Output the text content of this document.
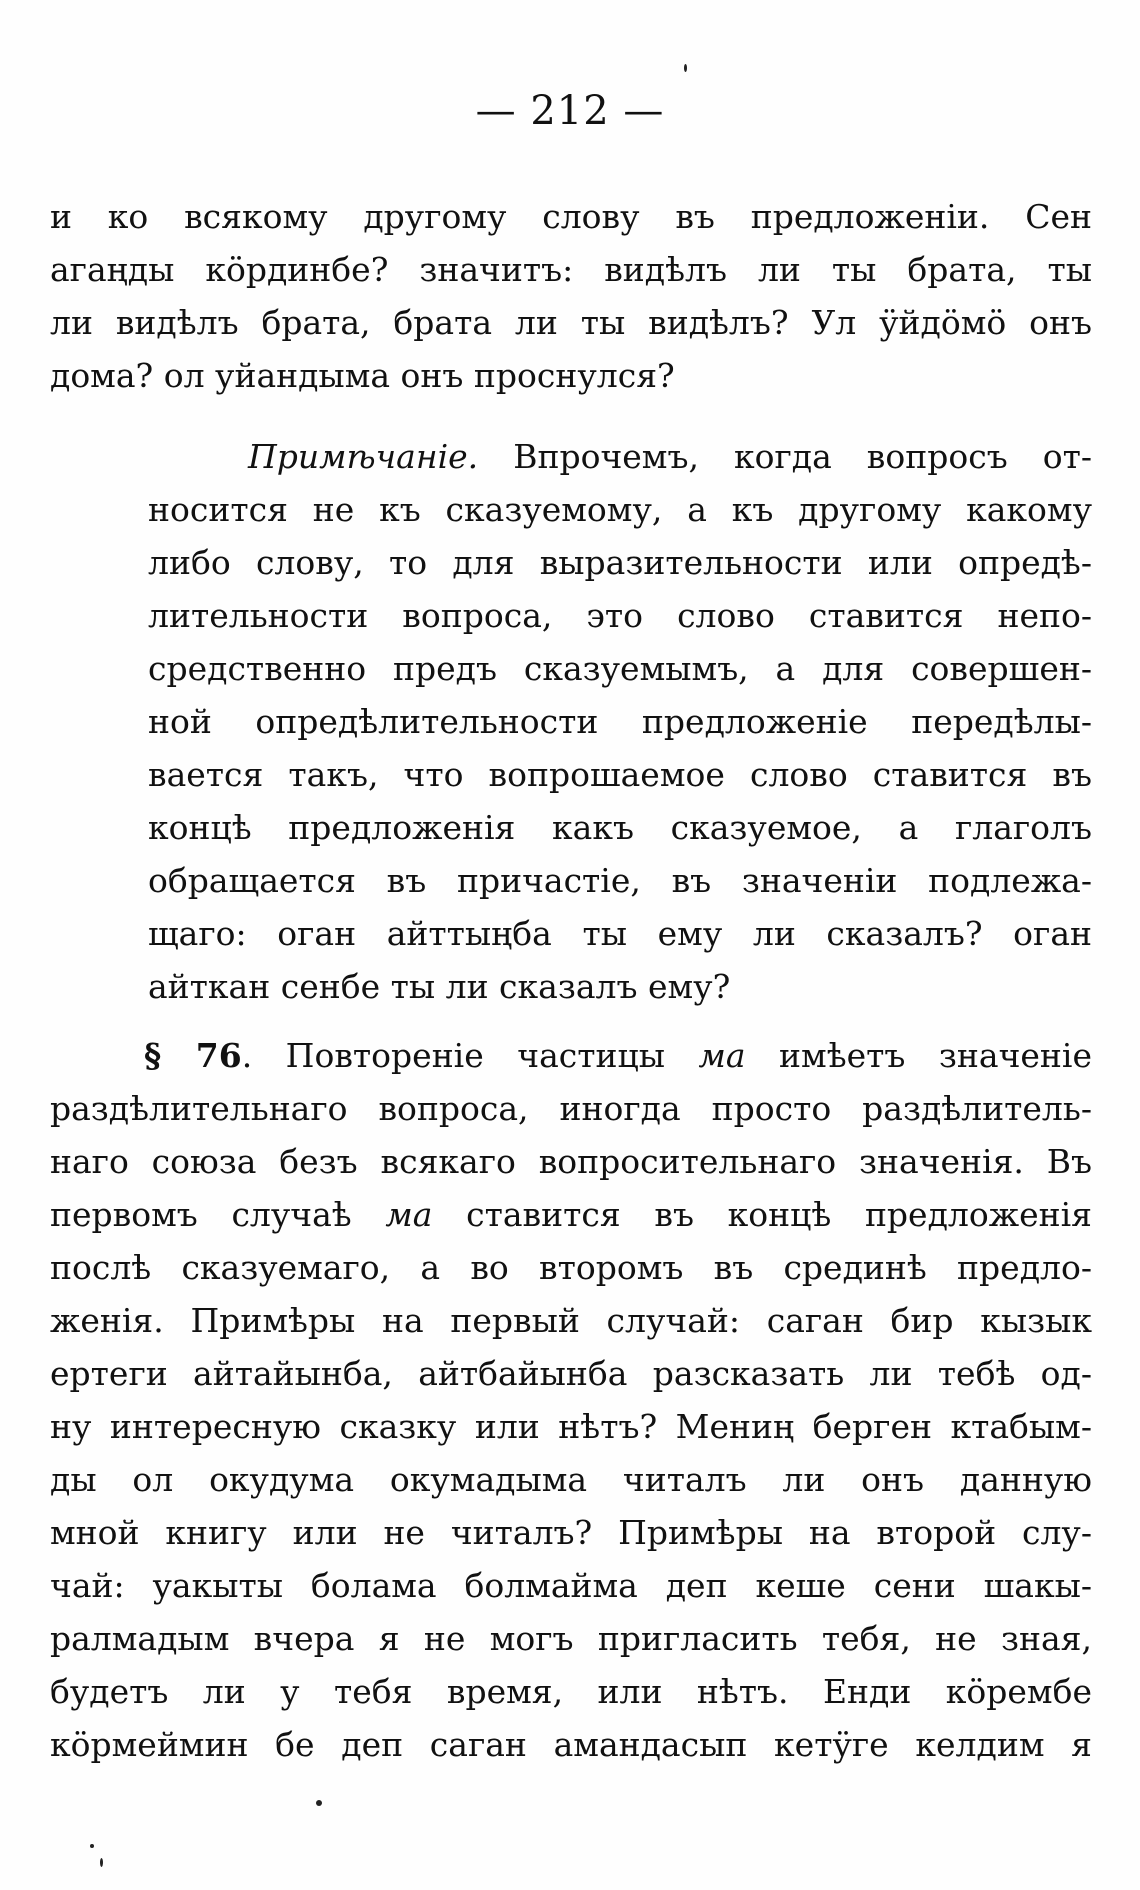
— 212 —
и ко всякому другому слову въ предложенiи. Сен
агаңды кӧрдинбе? значитъ: видѣлъ ли ты брата, ты
ли видѣлъ брата, брата ли ты видѣлъ? Ул ӱйдӧмӧ онъ
дома? ол уйандыма онъ проснулся?
Примѣчанiе. Впрочемъ, когда вопросъ от-
носится не къ сказуемому, а къ другому какому
либо слову, то для выразительности или опредѣ-
лительности вопроса, это слово ставится непо-
средственно предъ сказуемымъ, а для совершен-
ной опредѣлительности предложенiе передѣлы-
вается такъ, что вопрошаемое слово ставится въ
концѣ предложенiя какъ сказуемое, а глаголъ
обращается въ причастiе, въ значенiи подлежа-
щаго: оган айттыңба ты ему ли сказалъ? оган
айткан сенбе ты ли сказалъ ему?
§ 76. Повторенiе частицы ма имѣетъ значенiе
раздѣлительнаго вопроса, иногда просто раздѣлитель-
наго союза безъ всякаго вопросительнаго значенiя. Въ
первомъ случаѣ ма ставится въ концѣ предложенiя
послѣ сказуемаго, а во второмъ въ срединѣ предло-
женiя. Примѣры на первый случай: саган бир кызык
ертеги айтайынба, айтбайынба разсказать ли тебѣ од-
ну интересную сказку или нѣтъ? Мениң берген ктабым-
ды ол окудума окумадыма читалъ ли онъ данную
мной книгу или не читалъ? Примѣры на второй слу-
чай: уакыты болама болмайма деп кеше сени шакы-
ралмадым вчера я не могъ пригласить тебя, не зная,
будетъ ли у тебя время, или нѣтъ. Енди кӧрембе
кӧрмеймин бе деп саган амандасып кетӱге келдим я
